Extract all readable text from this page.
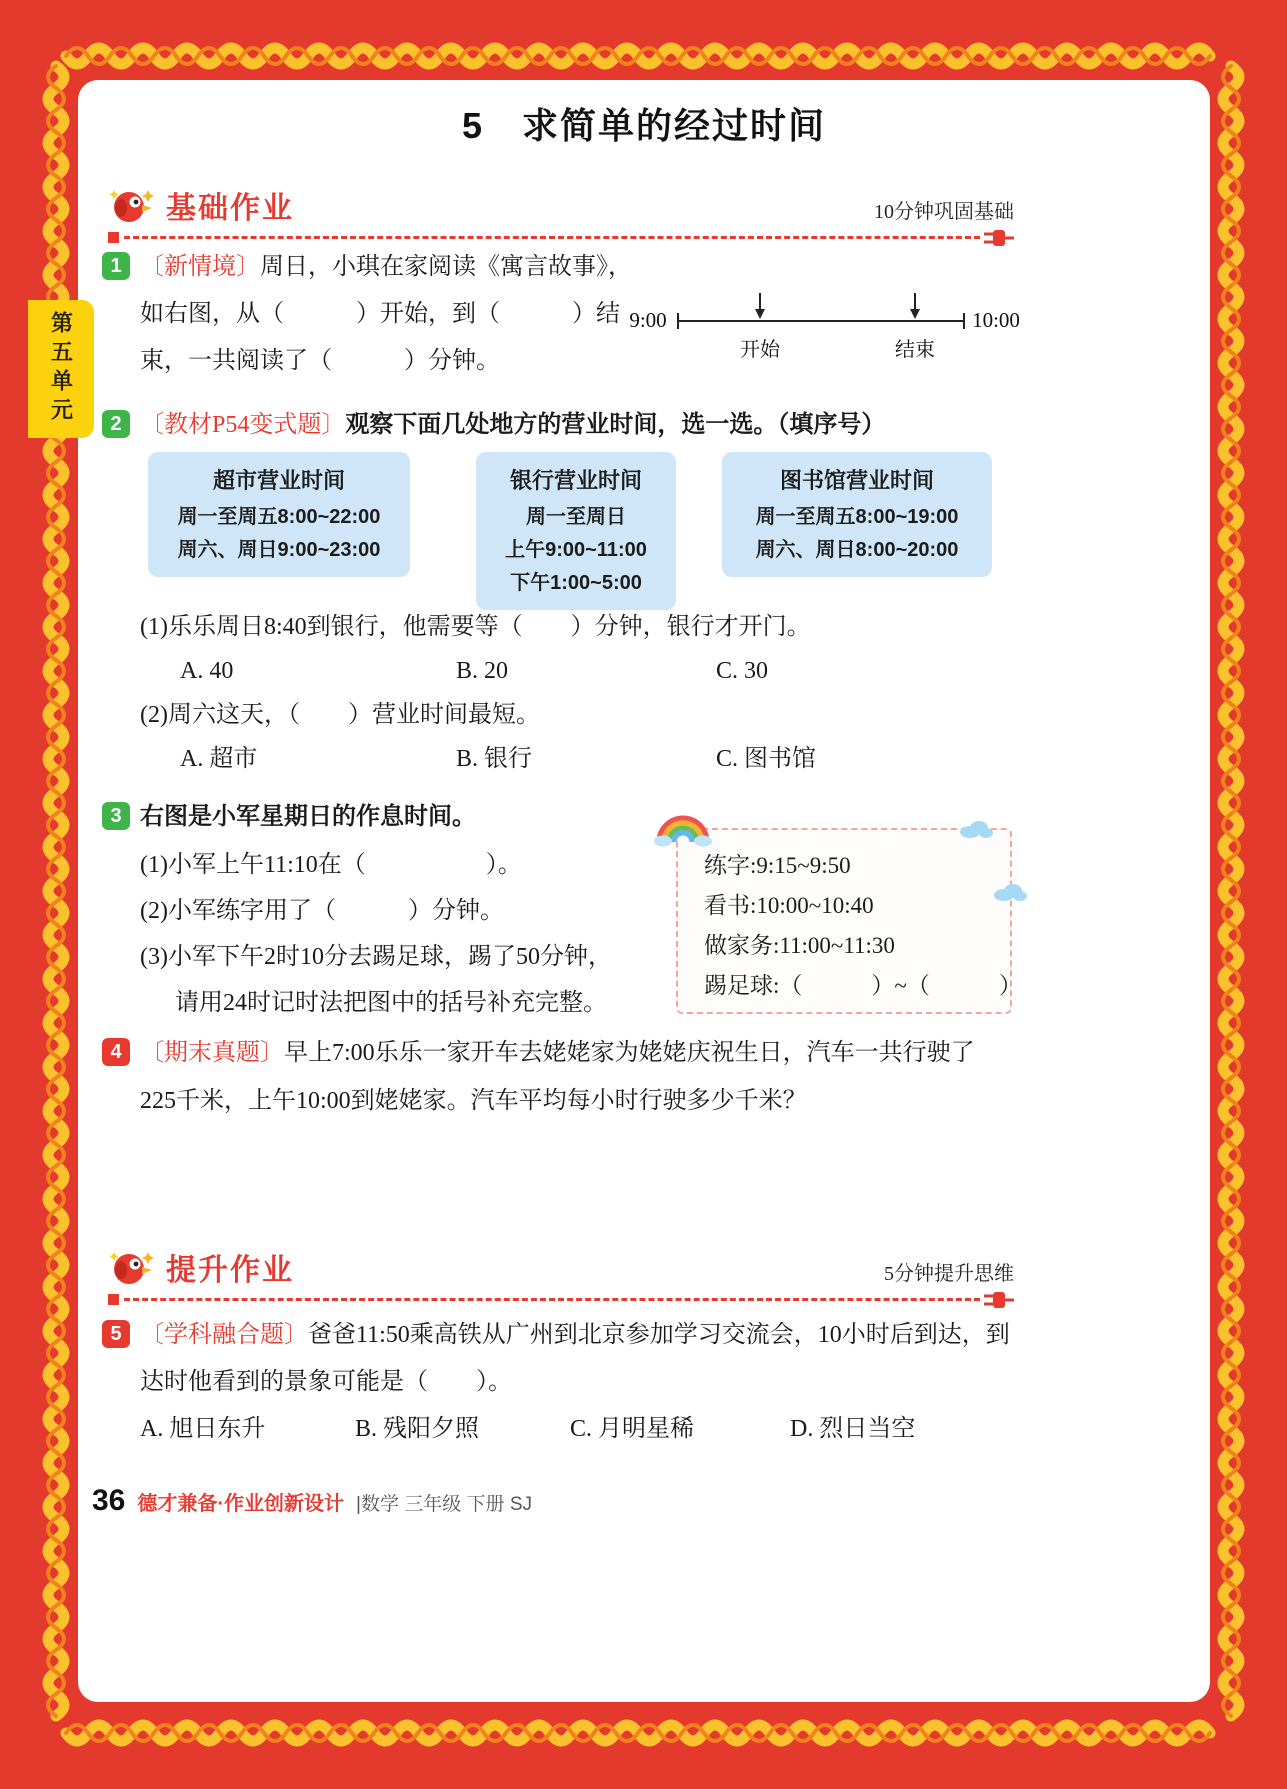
第五单元
5　求简单的经过时间
基础作业	10分钟巩固基础
1 〔新情境〕周日，小琪在家阅读《寓言故事》，
如右图，从（　　　）开始，到（　　　）结
束，一共阅读了（　　　）分钟。
9:00
开始	结束
10:00
2 〔教材P54变式题〕观察下面几处地方的营业时间，选一选。（填序号）
超市营业时间
周一至周五8:00~22:00
周六、周日9:00~23:00
银行营业时间
周一至周日
上午9:00~11:00
下午1:00~5:00
图书馆营业时间
周一至周五8:00~19:00
周六、周日8:00~20:00
(1)乐乐周日8:40到银行，他需要等（　　）分钟，银行才开门。
A. 40	B. 20	C. 30
(2)周六这天，（　　）营业时间最短。
A. 超市	B. 银行	C. 图书馆
3 右图是小军星期日的作息时间。
(1)小军上午11:10在（　　　　　）。
(2)小军练字用了（　　　）分钟。
(3)小军下午2时10分去踢足球，踢了50分钟，
请用24时记时法把图中的括号补充完整。
练字:9:15~9:50
看书:10:00~10:40
做家务:11:00~11:30
踢足球:（　　　）~（　　　）
4 〔期末真题〕早上7:00乐乐一家开车去姥姥家为姥姥庆祝生日，汽车一共行驶了
225千米，上午10:00到姥姥家。汽车平均每小时行驶多少千米？
提升作业	5分钟提升思维
5 〔学科融合题〕爸爸11:50乘高铁从广州到北京参加学习交流会，10小时后到达，到
达时他看到的景象可能是（　　）。
A. 旭日东升	B. 残阳夕照	C. 月明星稀	D. 烈日当空
36 德才兼备·作业创新设计 |数学 三年级 下册 SJ
